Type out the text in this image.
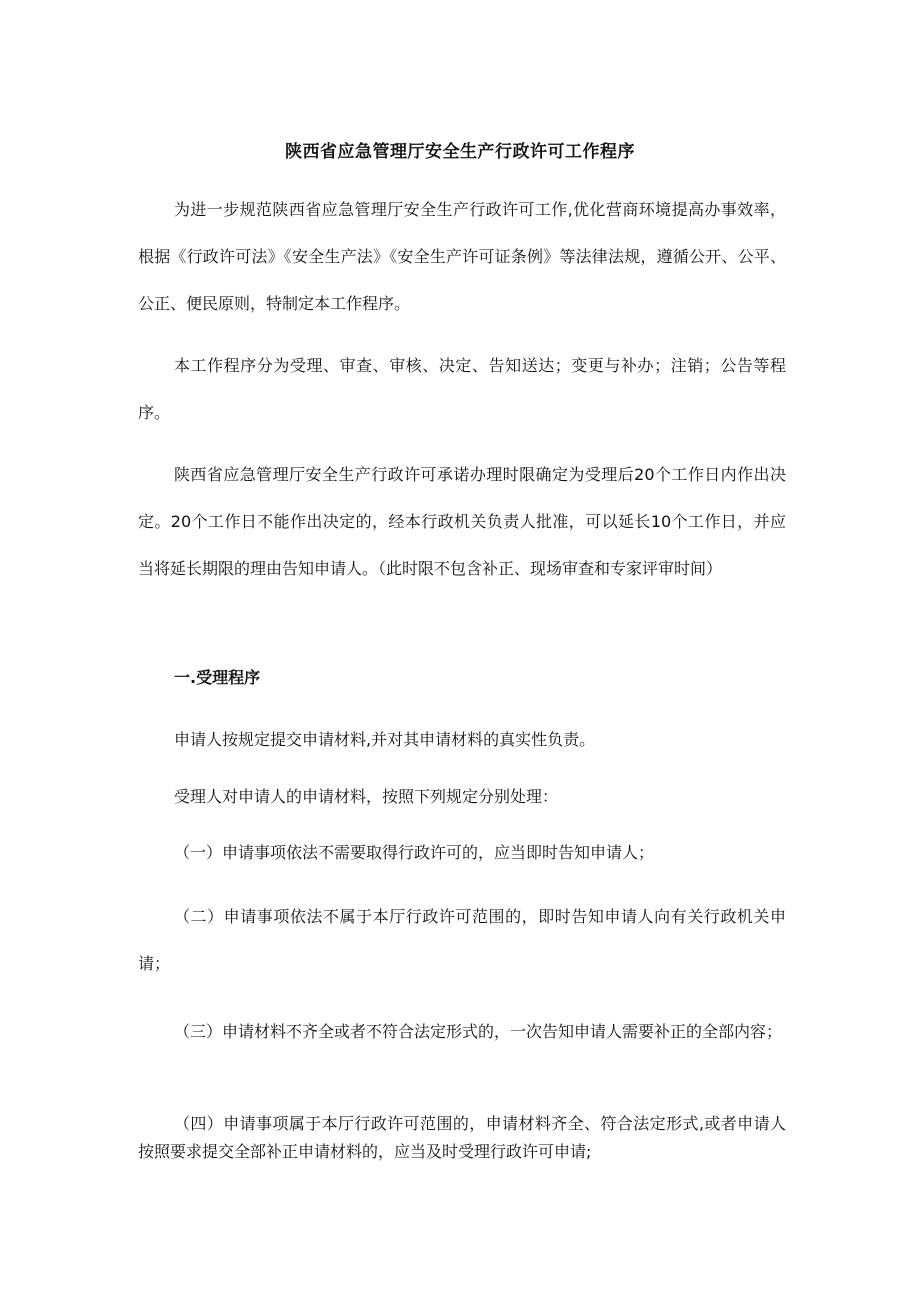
陕西省应急管理厅安全生产行政许可工作程序
为进一步规范陕西省应急管理厅安全生产行政许可工作,优化营商环境提高办事效率，根据《行政许可法》《安全生产法》《安全生产许可证条例》等法律法规，遵循公开、公平、公正、便民原则，特制定本工作程序。
本工作程序分为受理、审查、审核、决定、告知送达；变更与补办；注销；公告等程序。
陕西省应急管理厅安全生产行政许可承诺办理时限确定为受理后20个工作日内作出决定。20个工作日不能作出决定的，经本行政机关负责人批准，可以延长10个工作日，并应当将延长期限的理由告知申请人。（此时限不包含补正、现场审查和专家评审时间）
一.受理程序
申请人按规定提交申请材料,并对其申请材料的真实性负责。
受理人对申请人的申请材料，按照下列规定分别处理：
（一）申请事项依法不需要取得行政许可的，应当即时告知申请人；
（二）申请事项依法不属于本厅行政许可范围的，即时告知申请人向有关行政机关申请；
（三）申请材料不齐全或者不符合法定形式的，一次告知申请人需要补正的全部内容；
（四）申请事项属于本厅行政许可范围的，申请材料齐全、符合法定形式,或者申请人按照要求提交全部补正申请材料的，应当及时受理行政许可申请;
